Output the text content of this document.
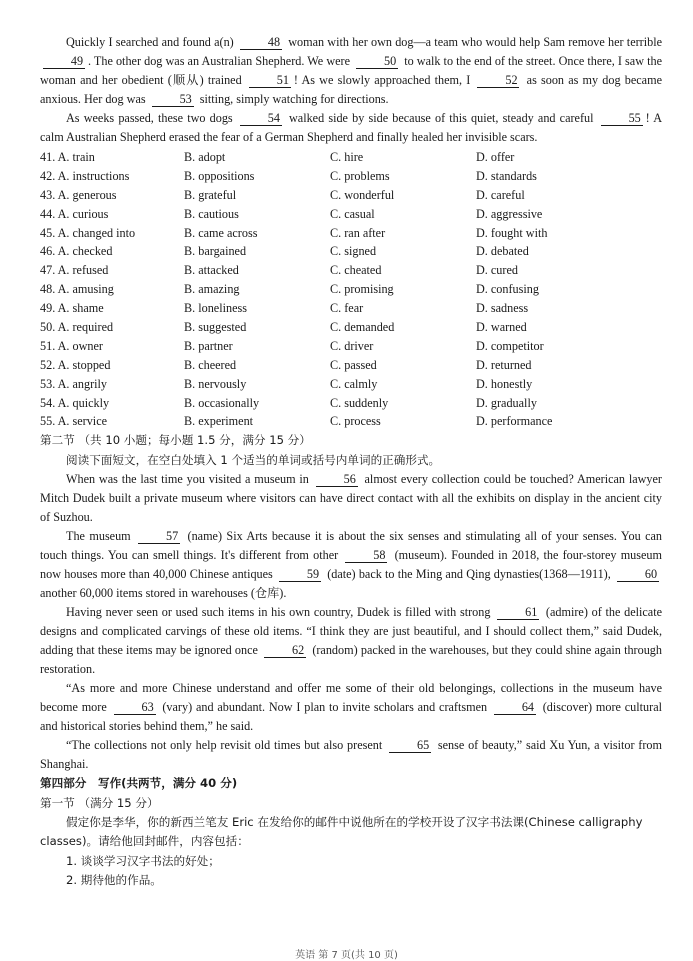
Quickly I searched and found a(n)	48 woman with her own dog—a team who would help Sam remove her terrible 49 . The other dog was an Australian Shepherd. We were	50 to walk to the end of the street. Once there, I saw the woman and her obedient (顺从) trained	51 ! As we slowly approached them, I	52 as soon as my dog became anxious. Her dog was	53 sitting, simply watching for directions.

As weeks passed, these two dogs	54 walked side by side because of this quiet, steady and careful	55 ! A calm Australian Shepherd erased the fear of a German Shepherd and finally healed her invisible scars.

41. A. train	B. adopt	C. hire	D. offer
42. A. instructions	B. oppositions	C. problems	D. standards
43. A. generous	B. grateful	C. wonderful	D. careful
44. A. curious	B. cautious	C. casual	D. aggressive
45. A. changed into	B. came across	C. ran after	D. fought with
46. A. checked	B. bargained	C. signed	D. debated
47. A. refused	B. attacked	C. cheated	D. cured
48. A. amusing	B. amazing	C. promising	D. confusing
49. A. shame	B. loneliness	C. fear	D. sadness
50. A. required	B. suggested	C. demanded	D. warned
51. A. owner	B. partner	C. driver	D. competitor
52. A. stopped	B. cheered	C. passed	D. returned
53. A. angrily	B. nervously	C. calmly	D. honestly
54. A. quickly	B. occasionally	C. suddenly	D. gradually
55. A. service	B. experiment	C. process	D. performance

第二节 （共 10 小题；每小题 1.5 分，满分 15 分）

阅读下面短文，在空白处填入 1 个适当的单词或括号内单词的正确形式。

When was the last time you visited a museum in	56 almost every collection could be touched? American lawyer Mitch Dudek built a private museum where visitors can have direct contact with all the exhibits on display in the ancient city of Suzhou.

The museum	57 (name) Six Arts because it is about the six senses and stimulating all of your senses. You can touch things. You can smell things. It's different from other	58 (museum). Founded in 2018, the four-storey museum now houses more than 40,000 Chinese antiques	59 (date) back to the Ming and Qing dynasties(1368—1911),	60 another 60,000 items stored in warehouses (仓库).

Having never seen or used such items in his own country, Dudek is filled with strong	61 (admire) of the delicate designs and complicated carvings of these old items. “I think they are just beautiful, and I should collect them,” said Dudek, adding that these items may be ignored once	62 (random) packed in the warehouses, but they could shine again through restoration.

“As more and more Chinese understand and offer me some of their old belongings, collections in the museum have become more	63 (vary) and abundant. Now I plan to invite scholars and craftsmen	64 (discover) more cultural and historical stories behind them,” he said.

“The collections not only help revisit old times but also present	65 sense of beauty,” said Xu Yun, a visitor from Shanghai.

第四部分　写作(共两节，满分 40 分)

第一节 （满分 15 分）

假定你是李华，你的新西兰笔友 Eric 在发给你的邮件中说他所在的学校开设了汉字书法课(Chinese calligraphy classes)。请给他回封邮件，内容包括：

1. 谈谈学习汉字书法的好处；

2. 期待他的作品。

英语 第 7 页(共 10 页)
